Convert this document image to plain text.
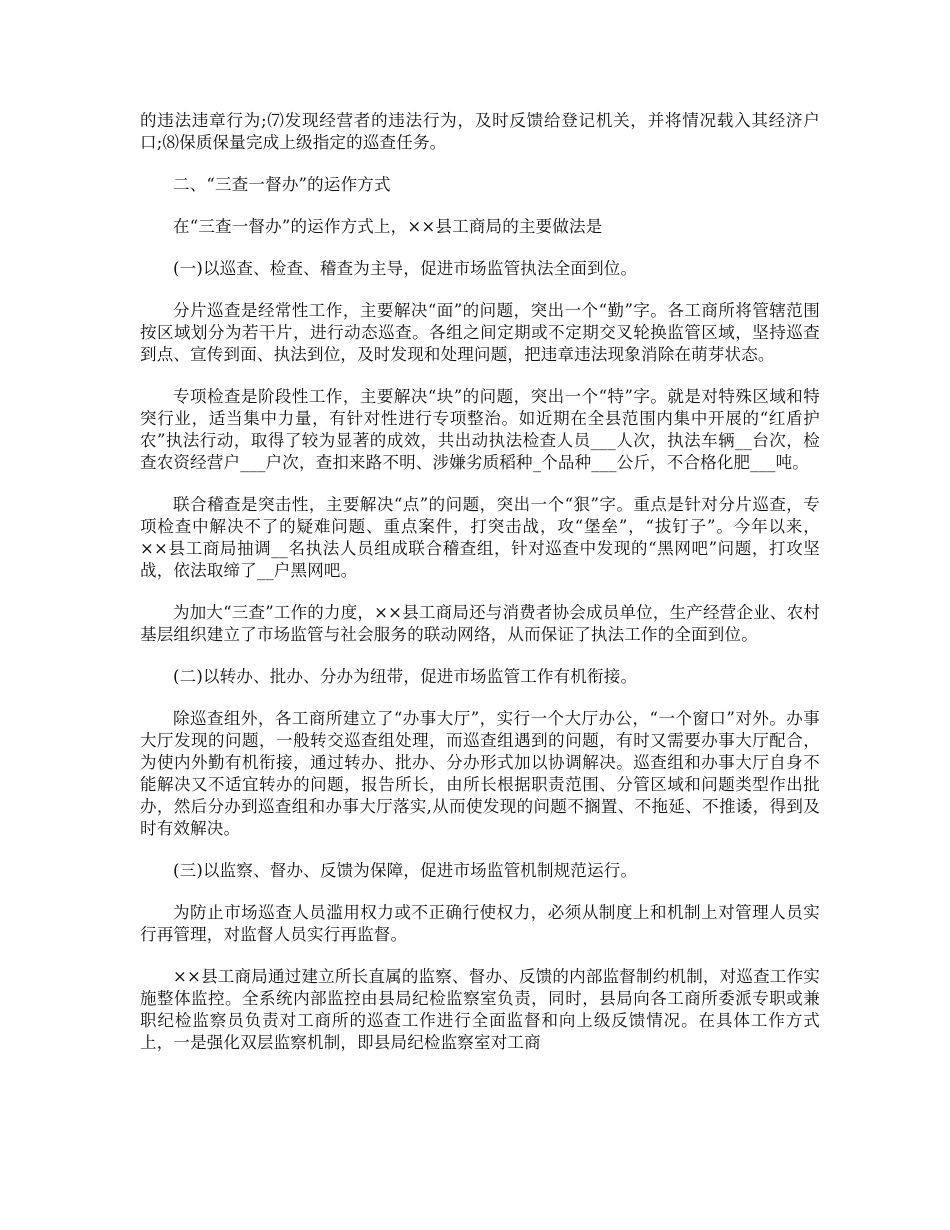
的违法违章行为;⑺发现经营者的违法行为，及时反馈给登记机关，并将情况载入其经济户口;⑻保质保量完成上级指定的巡查任务。

二、“三查一督办”的运作方式

在“三查一督办”的运作方式上，××县工商局的主要做法是

(一)以巡查、检查、稽查为主导，促进市场监管执法全面到位。

分片巡查是经常性工作，主要解决“面”的问题，突出一个“勤”字。各工商所将管辖范围按区域划分为若干片，进行动态巡查。各组之间定期或不定期交叉轮换监管区域，坚持巡查到点、宣传到面、执法到位，及时发现和处理问题，把违章违法现象消除在萌芽状态。

专项检查是阶段性工作，主要解决“块”的问题，突出一个“特”字。就是对特殊区域和特突行业，适当集中力量，有针对性进行专项整治。如近期在全县范围内集中开展的“红盾护农”执法行动，取得了较为显著的成效，共出动执法检查人员___人次，执法车辆__台次，检查农资经营户___户次，查扣来路不明、涉嫌劣质稻种_个品种___公斤，不合格化肥___吨。

联合稽查是突击性，主要解决“点”的问题，突出一个“狠”字。重点是针对分片巡查，专项检查中解决不了的疑难问题、重点案件，打突击战，攻“堡垒”，“拔钉子”。今年以来，××县工商局抽调__名执法人员组成联合稽查组，针对巡查中发现的“黑网吧”问题，打攻坚战，依法取缔了__户黑网吧。

为加大“三查”工作的力度，××县工商局还与消费者协会成员单位，生产经营企业、农村基层组织建立了市场监管与社会服务的联动网络，从而保证了执法工作的全面到位。

(二)以转办、批办、分办为纽带，促进市场监管工作有机衔接。

除巡查组外，各工商所建立了“办事大厅”，实行一个大厅办公，“一个窗口”对外。办事大厅发现的问题，一般转交巡查组处理，而巡查组遇到的问题，有时又需要办事大厅配合，为使内外勤有机衔接，通过转办、批办、分办形式加以协调解决。巡查组和办事大厅自身不能解决又不适宜转办的问题，报告所长，由所长根据职责范围、分管区域和问题类型作出批办，然后分办到巡查组和办事大厅落实,从而使发现的问题不搁置、不拖延、不推诿，得到及时有效解决。

(三)以监察、督办、反馈为保障，促进市场监管机制规范运行。

为防止市场巡查人员滥用权力或不正确行使权力，必须从制度上和机制上对管理人员实行再管理，对监督人员实行再监督。

××县工商局通过建立所长直属的监察、督办、反馈的内部监督制约机制，对巡查工作实施整体监控。全系统内部监控由县局纪检监察室负责，同时，县局向各工商所委派专职或兼职纪检监察员负责对工商所的巡查工作进行全面监督和向上级反馈情况。在具体工作方式上，一是强化双层监察机制，即县局纪检监察室对工商
